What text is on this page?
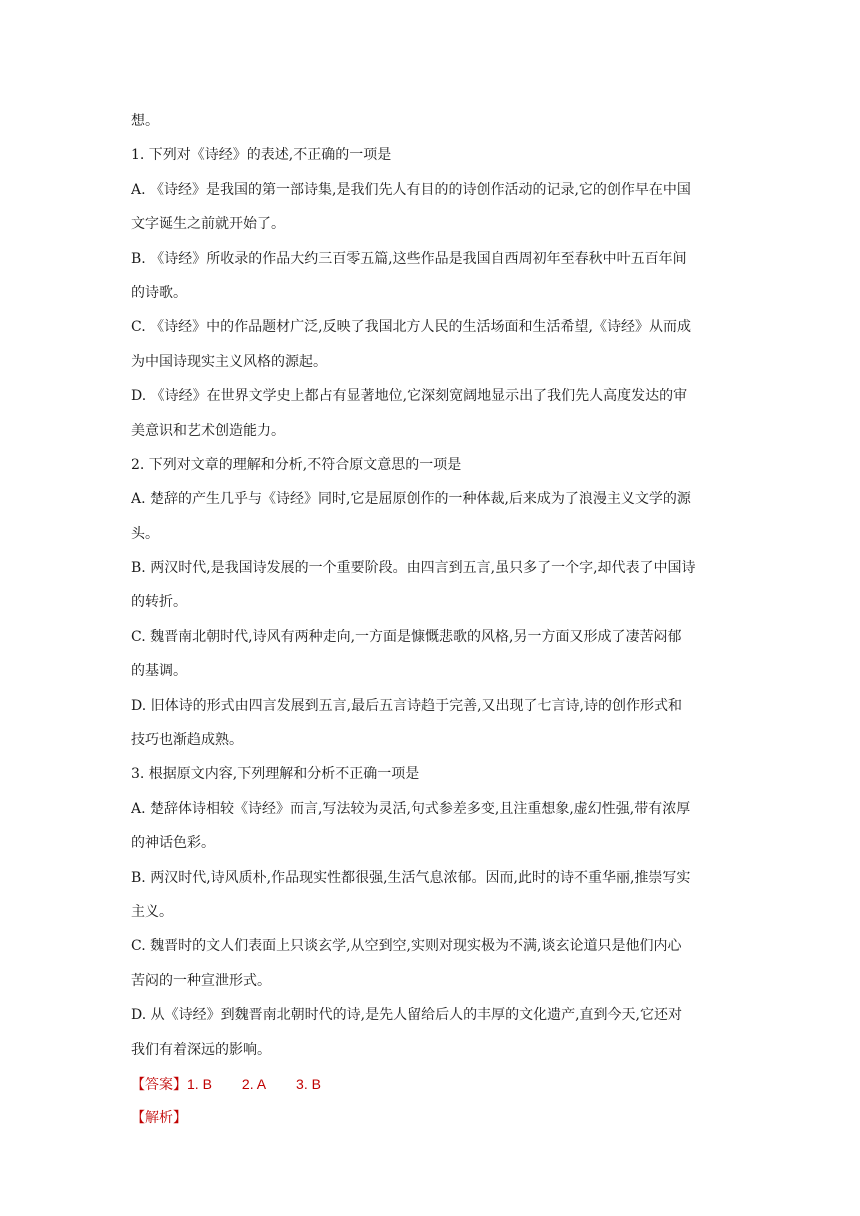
想。
1. 下列对《诗经》的表述,不正确的一项是
A. 《诗经》是我国的第一部诗集,是我们先人有目的的诗创作活动的记录,它的创作早在中国
文字诞生之前就开始了。
B. 《诗经》所收录的作品大约三百零五篇,这些作品是我国自西周初年至春秋中叶五百年间
的诗歌。
C. 《诗经》中的作品题材广泛,反映了我国北方人民的生活场面和生活希望,《诗经》从而成
为中国诗现实主义风格的源起。
D. 《诗经》在世界文学史上都占有显著地位,它深刻宽阔地显示出了我们先人高度发达的审
美意识和艺术创造能力。
2. 下列对文章的理解和分析,不符合原文意思的一项是
A. 楚辞的产生几乎与《诗经》同时,它是屈原创作的一种体裁,后来成为了浪漫主义文学的源
头。
B. 两汉时代,是我国诗发展的一个重要阶段。由四言到五言,虽只多了一个字,却代表了中国诗
的转折。
C. 魏晋南北朝时代,诗风有两种走向,一方面是慷慨悲歌的风格,另一方面又形成了凄苦闷郁
的基调。
D. 旧体诗的形式由四言发展到五言,最后五言诗趋于完善,又出现了七言诗,诗的创作形式和
技巧也渐趋成熟。
3. 根据原文内容,下列理解和分析不正确一项是
A. 楚辞体诗相较《诗经》而言,写法较为灵活,句式参差多变,且注重想象,虚幻性强,带有浓厚
的神话色彩。
B. 两汉时代,诗风质朴,作品现实性都很强,生活气息浓郁。因而,此时的诗不重华丽,推崇写实
主义。
C. 魏晋时的文人们表面上只谈玄学,从空到空,实则对现实极为不满,谈玄论道只是他们内心
苦闷的一种宣泄形式。
D. 从《诗经》到魏晋南北朝时代的诗,是先人留给后人的丰厚的文化遗产,直到今天,它还对
我们有着深远的影响。
【答案】1. B 2. A 3. B
【解析】
